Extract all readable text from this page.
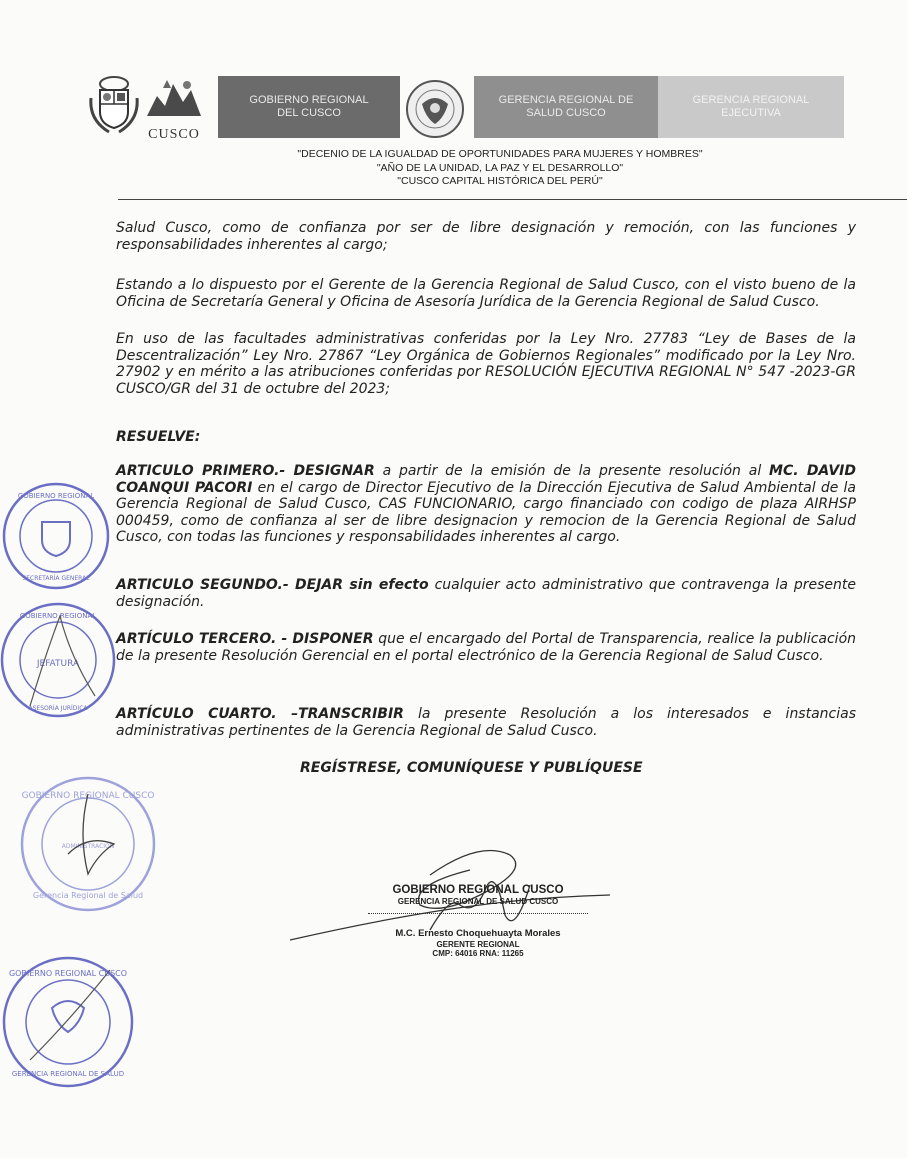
CUSCO
GOBIERNO REGIONAL DEL CUSCO
GERENCIA REGIONAL DE SALUD CUSCO
GERENCIA REGIONAL EJECUTIVA
"DECENIO DE LA IGUALDAD DE OPORTUNIDADES PARA MUJERES Y HOMBRES"
"AÑO DE LA UNIDAD, LA PAZ Y EL DESARROLLO"
"CUSCO CAPITAL HISTÓRICA DEL PERÚ"
Salud Cusco, como de confianza por ser de libre designación y remoción, con las funciones y responsabilidades inherentes al cargo;
Estando a lo dispuesto por el Gerente de la Gerencia Regional de Salud Cusco, con el visto bueno de la Oficina de Secretaría General y Oficina de Asesoría Jurídica de la Gerencia Regional de Salud Cusco.
En uso de las facultades administrativas conferidas por la Ley Nro. 27783 “Ley de Bases de la Descentralización” Ley Nro. 27867 “Ley Orgánica de Gobiernos Regionales” modificado por la Ley Nro. 27902 y en mérito a las atribuciones conferidas por RESOLUCIÓN EJECUTIVA REGIONAL N° 547 -2023-GR CUSCO/GR del 31 de octubre del 2023;
RESUELVE:
ARTICULO PRIMERO.- DESIGNAR a partir de la emisión de la presente resolución al MC. DAVID COANQUI PACORI en el cargo de Director Ejecutivo de la Dirección Ejecutiva de Salud Ambiental de la Gerencia Regional de Salud Cusco, CAS FUNCIONARIO, cargo financiado con codigo de plaza AIRHSP 000459, como de confianza al ser de libre designacion y remocion de la Gerencia Regional de Salud Cusco, con todas las funciones y responsabilidades inherentes al cargo.
ARTICULO SEGUNDO.- DEJAR sin efecto cualquier acto administrativo que contravenga la presente designación.
ARTÍCULO TERCERO. - DISPONER que el encargado del Portal de Transparencia, realice la publicación de la presente Resolución Gerencial en el portal electrónico de la Gerencia Regional de Salud Cusco.
ARTÍCULO CUARTO. –TRANSCRIBIR la presente Resolución a los interesados e instancias administrativas pertinentes de la Gerencia Regional de Salud Cusco.
REGÍSTRESE, COMUNÍQUESE Y PUBLÍQUESE
GOBIERNO REGIONAL CUSCO
GERENCIA REGIONAL DE SALUD CUSCO
M.C. Ernesto Choquehuayta Morales
GERENTE REGIONAL
CMP: 64016 RNA: 11265
GOBIERNO REGIONAL
SECRETARÍA GENERAL
JEFATURA
GOBIERNO REGIONAL
ASESORÍA JURÍDICA
GOBIERNO REGIONAL CUSCO
ADMINISTRACIÓN
Gerencia Regional de Salud
GOBIERNO REGIONAL CUSCO
GERENCIA REGIONAL DE SALUD
